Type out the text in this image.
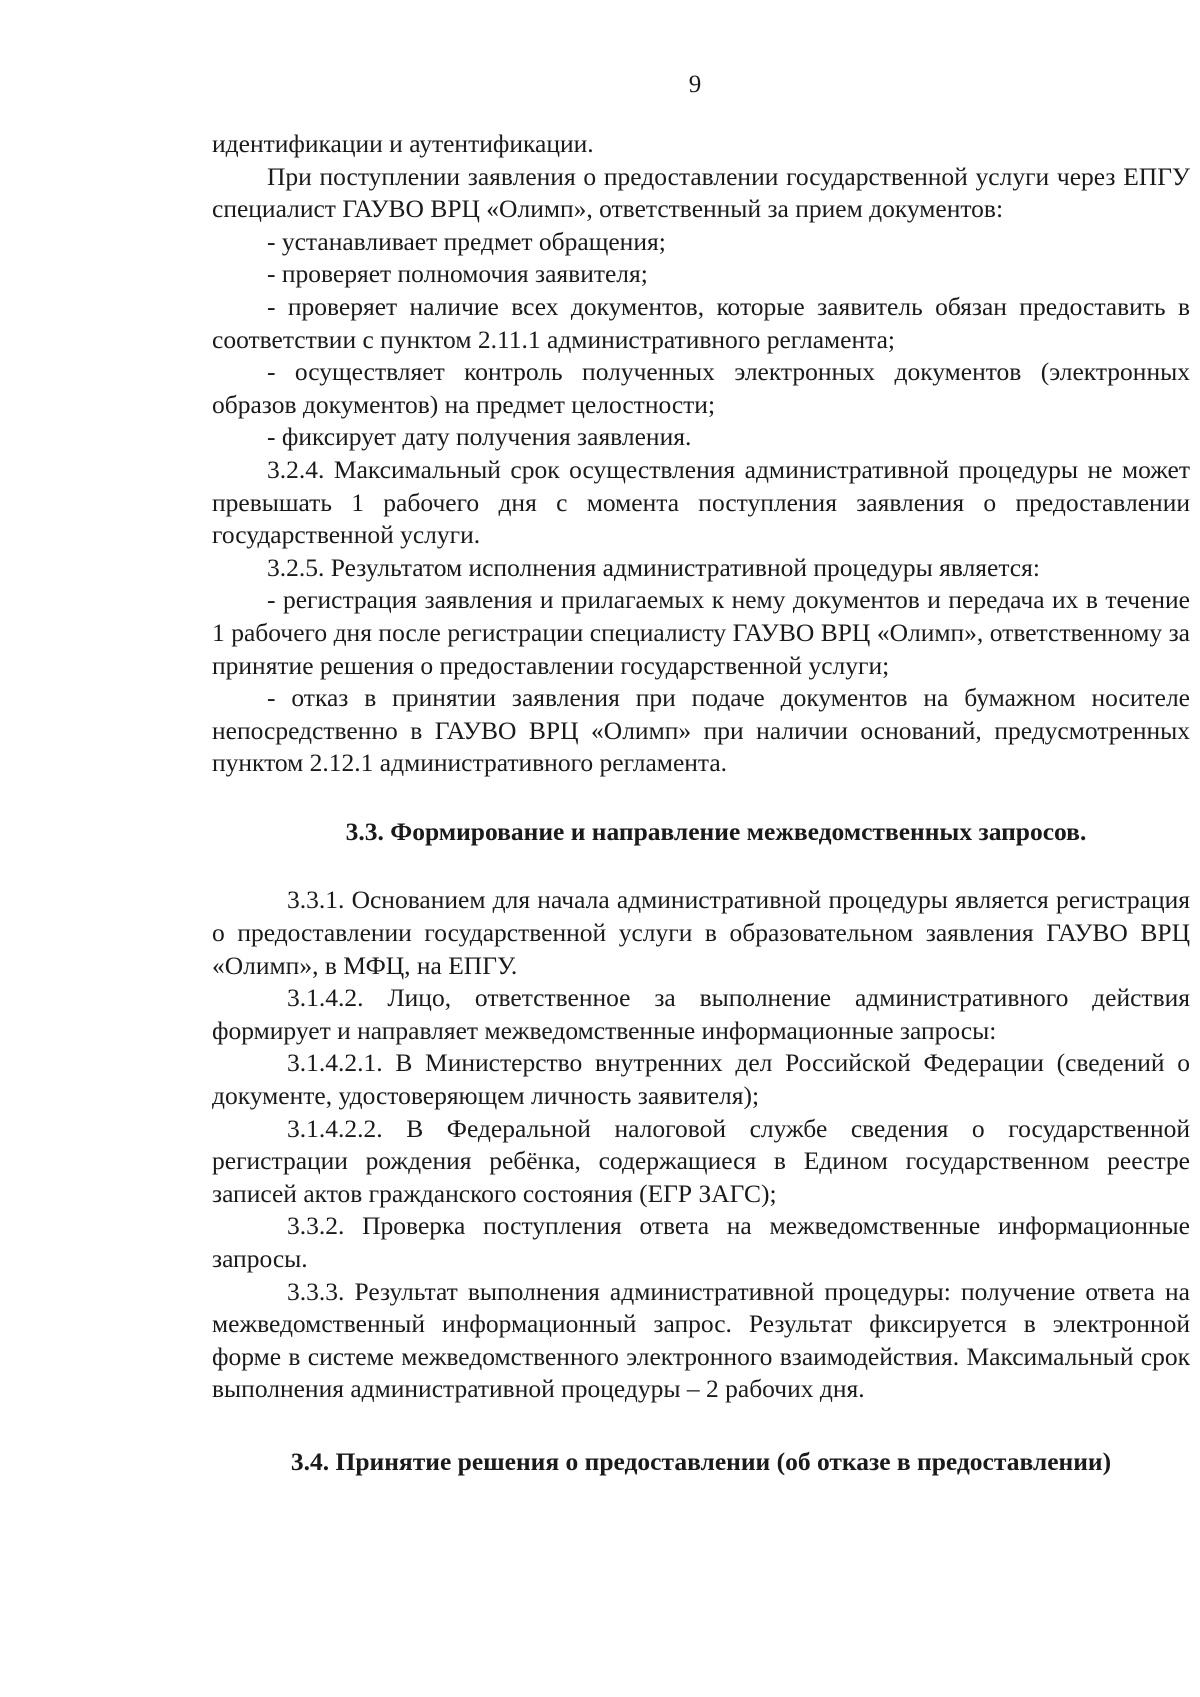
9

идентификации и аутентификации.

При поступлении заявления о предоставлении государственной услуги через ЕПГУ специалист ГАУВО ВРЦ «Олимп», ответственный за прием документов:

- устанавливает предмет обращения;

- проверяет полномочия заявителя;

- проверяет наличие всех документов, которые заявитель обязан предоставить в соответствии с пунктом 2.11.1 административного регламента;

- осуществляет контроль полученных электронных документов (электронных образов документов) на предмет целостности;

- фиксирует дату получения заявления.

3.2.4. Максимальный срок осуществления административной процедуры не может превышать 1 рабочего дня с момента поступления заявления о предоставлении государственной услуги.

3.2.5. Результатом исполнения административной процедуры является:

- регистрация заявления и прилагаемых к нему документов и передача их в течение 1 рабочего дня после регистрации специалисту ГАУВО ВРЦ «Олимп», ответственному за принятие решения о предоставлении государственной услуги;

- отказ в принятии заявления при подаче документов на бумажном носителе непосредственно в ГАУВО ВРЦ «Олимп» при наличии оснований, предусмотренных пунктом 2.12.1 административного регламента.

3.3. Формирование и направление межведомственных запросов.

3.3.1. Основанием для начала административной процедуры является регистрация о предоставлении государственной услуги в образовательном заявления ГАУВО ВРЦ «Олимп», в МФЦ, на ЕПГУ.

3.1.4.2. Лицо, ответственное за выполнение административного действия формирует и направляет межведомственные информационные запросы:

3.1.4.2.1. В Министерство внутренних дел Российской Федерации (сведений о документе, удостоверяющем личность заявителя);

3.1.4.2.2. В Федеральной налоговой службе сведения о государственной регистрации рождения ребёнка, содержащиеся в Едином государственном реестре записей актов гражданского состояния (ЕГР ЗАГС);

3.3.2. Проверка поступления ответа на межведомственные информационные запросы.

3.3.3. Результат выполнения административной процедуры: получение ответа на межведомственный информационный запрос. Результат фиксируется в электронной форме в системе межведомственного электронного взаимодействия. Максимальный срок выполнения административной процедуры – 2 рабочих дня.

3.4. Принятие решения о предоставлении (об отказе в предоставлении)
